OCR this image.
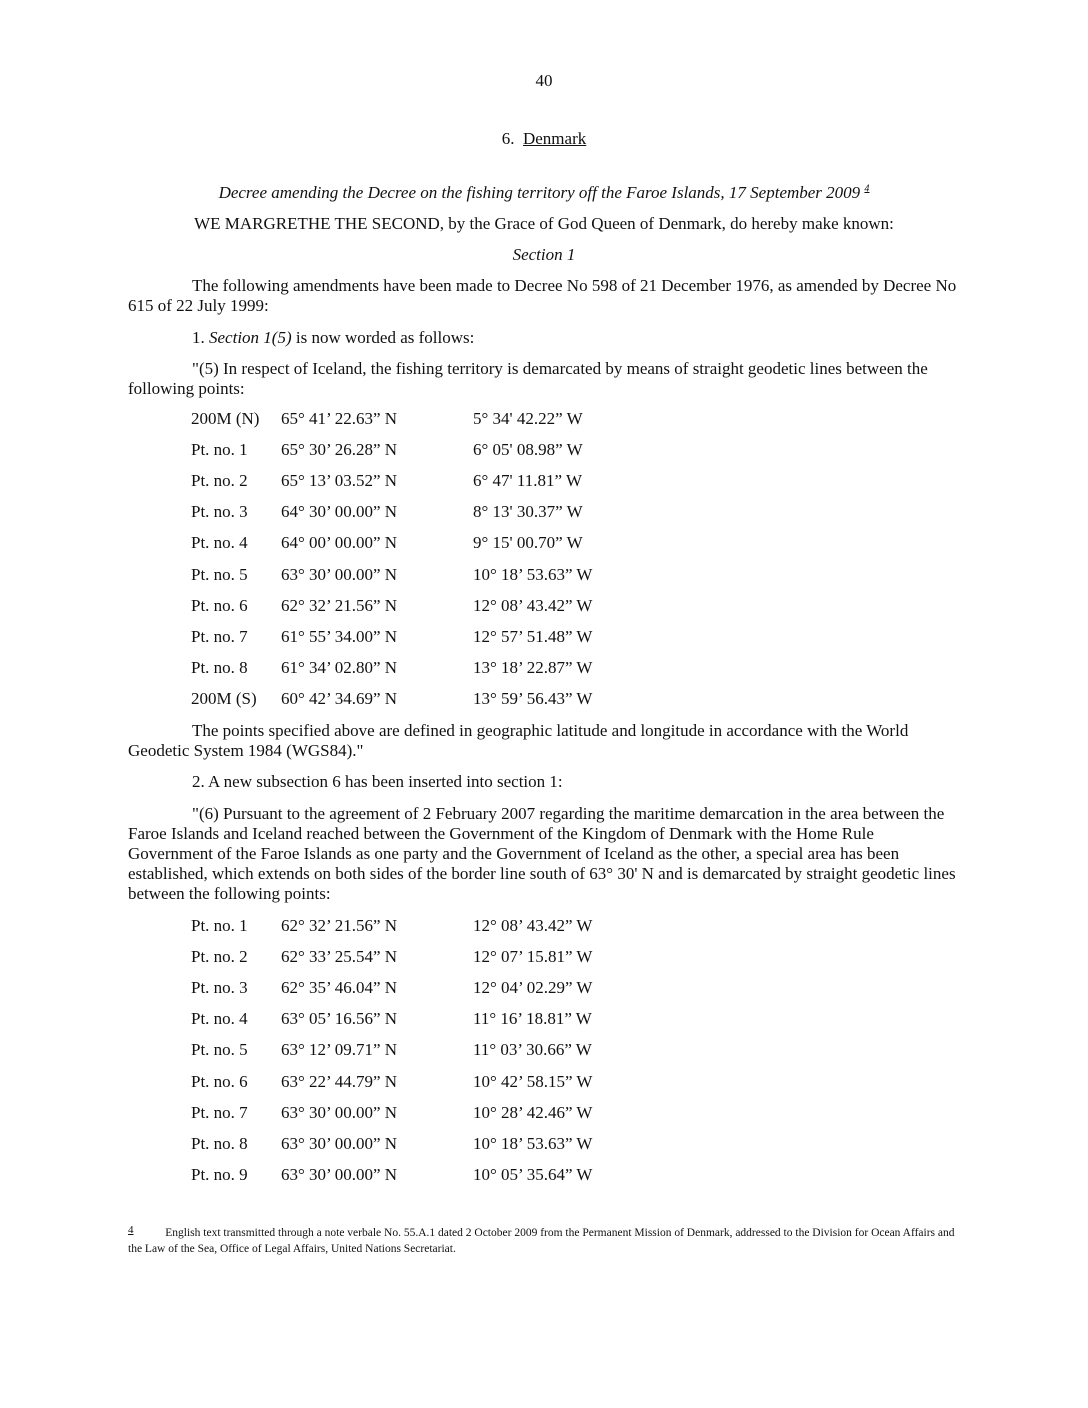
40
6. Denmark
Decree amending the Decree on the fishing territory off the Faroe Islands, 17 September 2009 $^4$
WE MARGRETHE THE SECOND, by the Grace of God Queen of Denmark, do hereby make known:
Section 1
The following amendments have been made to Decree No 598 of 21 December 1976, as amended by Decree No 615 of 22 July 1999:
1. Section 1(5) is now worded as follows:
"(5) In respect of Iceland, the fishing territory is demarcated by means of straight geodetic lines between the following points:
200M (N) 65° 41’ 22.63” N	5° 34' 42.22” W
Pt. no. 1 65° 30’ 26.28” N	6° 05' 08.98” W
Pt. no. 2 65° 13’ 03.52” N	6° 47' 11.81” W
Pt. no. 3 64° 30’ 00.00” N	8° 13' 30.37” W
Pt. no. 4 64° 00’ 00.00” N	9° 15' 00.70” W
Pt. no. 5 63° 30’ 00.00” N	10° 18’ 53.63” W
Pt. no. 6 62° 32’ 21.56” N	12° 08’ 43.42” W
Pt. no. 7 61° 55’ 34.00” N	12° 57’ 51.48” W
Pt. no. 8 61° 34’ 02.80” N	13° 18’ 22.87” W
200M (S) 60° 42’ 34.69” N	13° 59’ 56.43” W
The points specified above are defined in geographic latitude and longitude in accordance with the World Geodetic System 1984 (WGS84)."
2. A new subsection 6 has been inserted into section 1:
"(6) Pursuant to the agreement of 2 February 2007 regarding the maritime demarcation in the area between the Faroe Islands and Iceland reached between the Government of the Kingdom of Denmark with the Home Rule Government of the Faroe Islands as one party and the Government of Iceland as the other, a special area has been established, which extends on both sides of the border line south of 63° 30' N and is demarcated by straight geodetic lines between the following points:
Pt. no. 1 62° 32’ 21.56” N	12° 08’ 43.42” W
Pt. no. 2 62° 33’ 25.54” N	12° 07’ 15.81” W
Pt. no. 3 62° 35’ 46.04” N	12° 04’ 02.29” W
Pt. no. 4 63° 05’ 16.56” N	11° 16’ 18.81” W
Pt. no. 5 63° 12’ 09.71” N	11° 03’ 30.66” W
Pt. no. 6 63° 22’ 44.79” N	10° 42’ 58.15” W
Pt. no. 7 63° 30’ 00.00” N	10° 28’ 42.46” W
Pt. no. 8 63° 30’ 00.00” N	10° 18’ 53.63” W
Pt. no. 9 63° 30’ 00.00” N	10° 05’ 35.64” W
4	English text transmitted through a note verbale No. 55.A.1 dated 2 October 2009 from the Permanent Mission of Denmark, addressed to the Division for Ocean Affairs and the Law of the Sea, Office of Legal Affairs, United Nations Secretariat.
